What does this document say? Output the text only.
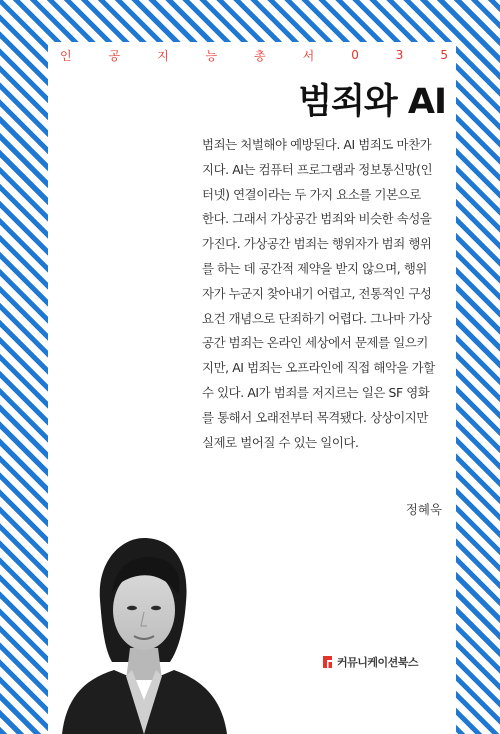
인	공	지	능	총	서	0	3	5
범죄와 AI
범죄는 처벌해야 예방된다. AI 범죄도 마찬가
지다. AI는 컴퓨터 프로그램과 정보통신망(인
터넷) 연결이라는 두 가지 요소를 기본으로
한다. 그래서 가상공간 범죄와 비슷한 속성을
가진다. 가상공간 범죄는 행위자가 범죄 행위
를 하는 데 공간적 제약을 받지 않으며, 행위
자가 누군지 찾아내기 어렵고, 전통적인 구성
요건 개념으로 단죄하기 어렵다. 그나마 가상
공간 범죄는 온라인 세상에서 문제를 일으키
지만, AI 범죄는 오프라인에 직접 해악을 가할
수 있다. AI가 범죄를 저지르는 일은 SF 영화
를 통해서 오래전부터 목격됐다. 상상이지만
실제로 벌어질 수 있는 일이다.
정혜욱
커뮤니케이션북스
